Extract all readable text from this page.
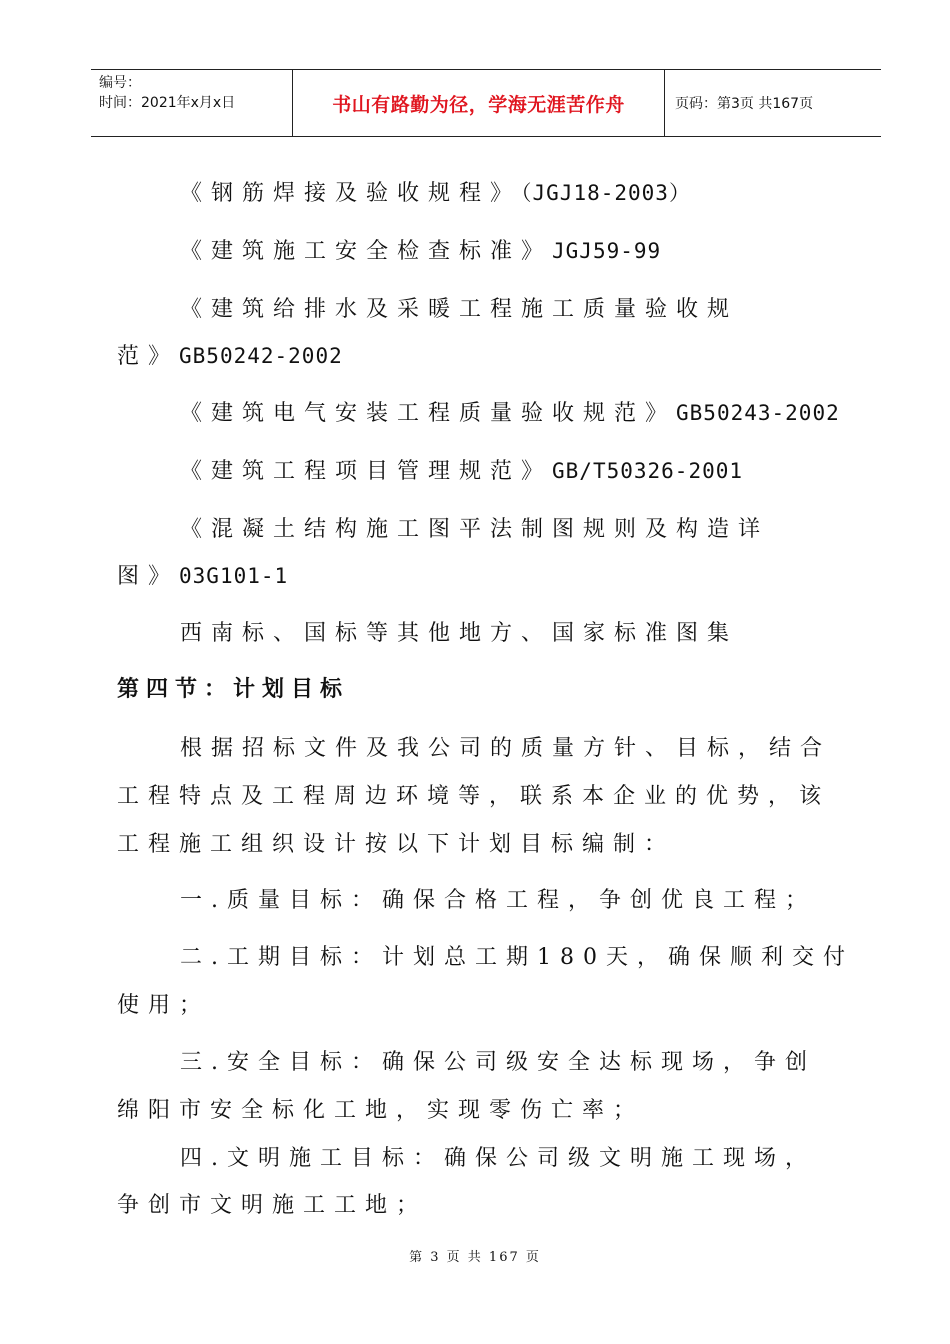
编号：
时间：2021年x月x日	书山有路勤为径，学海无涯苦作舟	页码：第3页 共167页
《钢筋焊接及验收规程》（JGJ18-2003）
《建筑施工安全检查标准》JGJ59-99
《建筑给排水及采暖工程施工质量验收规
范》GB50242-2002
《建筑电气安装工程质量验收规范》GB50243-2002
《建筑工程项目管理规范》GB/T50326-2001
《混凝土结构施工图平法制图规则及构造详
图》03G101-1
西南标、国标等其他地方、国家标准图集
第四节：计划目标
根据招标文件及我公司的质量方针、目标，结合
工程特点及工程周边环境等，联系本企业的优势，该
工程施工组织设计按以下计划目标编制：
一.质量目标：确保合格工程，争创优良工程；
二.工期目标：计划总工期180天，确保顺利交付
使用；
三.安全目标：确保公司级安全达标现场，争创
绵阳市安全标化工地，实现零伤亡率；
四.文明施工目标：确保公司级文明施工现场，
争创市文明施工工地；
第 3 页 共 167 页
